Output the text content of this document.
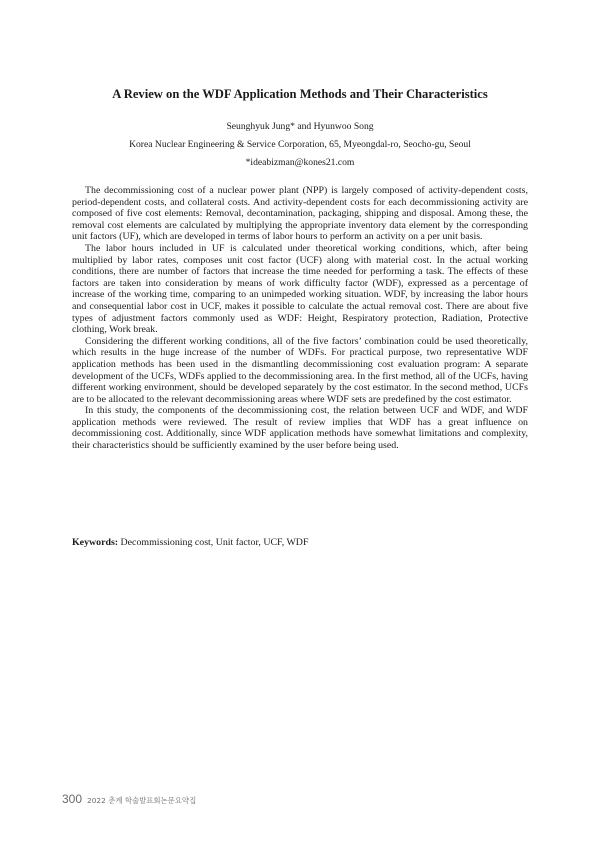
A Review on the WDF Application Methods and Their Characteristics

Seunghyuk Jung* and Hyunwoo Song

Korea Nuclear Engineering & Service Corporation, 65, Myeongdal-ro, Seocho-gu, Seoul

*ideabizman@kones21.com

The decommissioning cost of a nuclear power plant (NPP) is largely composed of activity-dependent costs, period-dependent costs, and collateral costs. And activity-dependent costs for each decommissioning activity are composed of five cost elements: Removal, decontamination, packaging, shipping and disposal. Among these, the removal cost elements are calculated by multiplying the appropriate inventory data element by the corresponding unit factors (UF), which are developed in terms of labor hours to perform an activity on a per unit basis.

The labor hours included in UF is calculated under theoretical working conditions, which, after being multiplied by labor rates, composes unit cost factor (UCF) along with material cost. In the actual working conditions, there are number of factors that increase the time needed for performing a task. The effects of these factors are taken into consideration by means of work difficulty factor (WDF), expressed as a percentage of increase of the working time, comparing to an unimpeded working situation. WDF, by increasing the labor hours and consequential labor cost in UCF, makes it possible to calculate the actual removal cost. There are about five types of adjustment factors commonly used as WDF: Height, Respiratory protection, Radiation, Protective clothing, Work break.

Considering the different working conditions, all of the five factors’ combination could be used theoretically, which results in the huge increase of the number of WDFs. For practical purpose, two representative WDF application methods has been used in the dismantling decommissioning cost evaluation program: A separate development of the UCFs, WDFs applied to the decommissioning area. In the first method, all of the UCFs, having different working environment, should be developed separately by the cost estimator. In the second method, UCFs are to be allocated to the relevant decommissioning areas where WDF sets are predefined by the cost estimator.

In this study, the components of the decommissioning cost, the relation between UCF and WDF, and WDF application methods were reviewed. The result of review implies that WDF has a great influence on decommissioning cost. Additionally, since WDF application methods have somewhat limitations and complexity, their characteristics should be sufficiently examined by the user before being used.

Keywords: Decommissioning cost, Unit factor, UCF, WDF

300 2022 춘계 학술발표회논문요약집
